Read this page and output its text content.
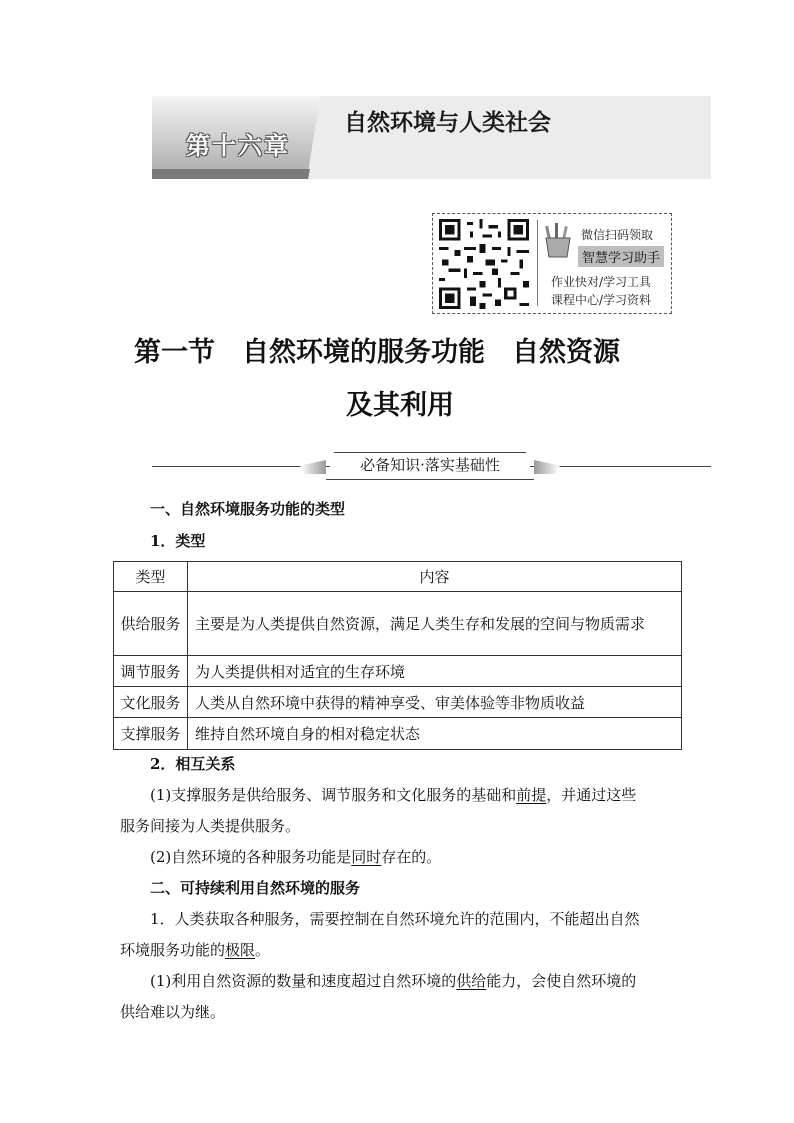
第十六章
自然环境与人类社会
微信扫码领取
智慧学习助手
作业快对/学习工具
课程中心/学习资料
第一节　自然环境的服务功能　自然资源
及其利用
必备知识·落实基础性
一、自然环境服务功能的类型
1．类型
类型	内容
供给服务	主要是为人类提供自然资源，满足人类生存和发展的空间与物质需求
调节服务	为人类提供相对适宜的生存环境
文化服务	人类从自然环境中获得的精神享受、审美体验等非物质收益
支撑服务	维持自然环境自身的相对稳定状态
2．相互关系
(1)支撑服务是供给服务、调节服务和文化服务的基础和前提，并通过这些
服务间接为人类提供服务。
(2)自然环境的各种服务功能是同时存在的。
二、可持续利用自然环境的服务
1．人类获取各种服务，需要控制在自然环境允许的范围内，不能超出自然
环境服务功能的极限。
(1)利用自然资源的数量和速度超过自然环境的供给能力，会使自然环境的
供给难以为继。
